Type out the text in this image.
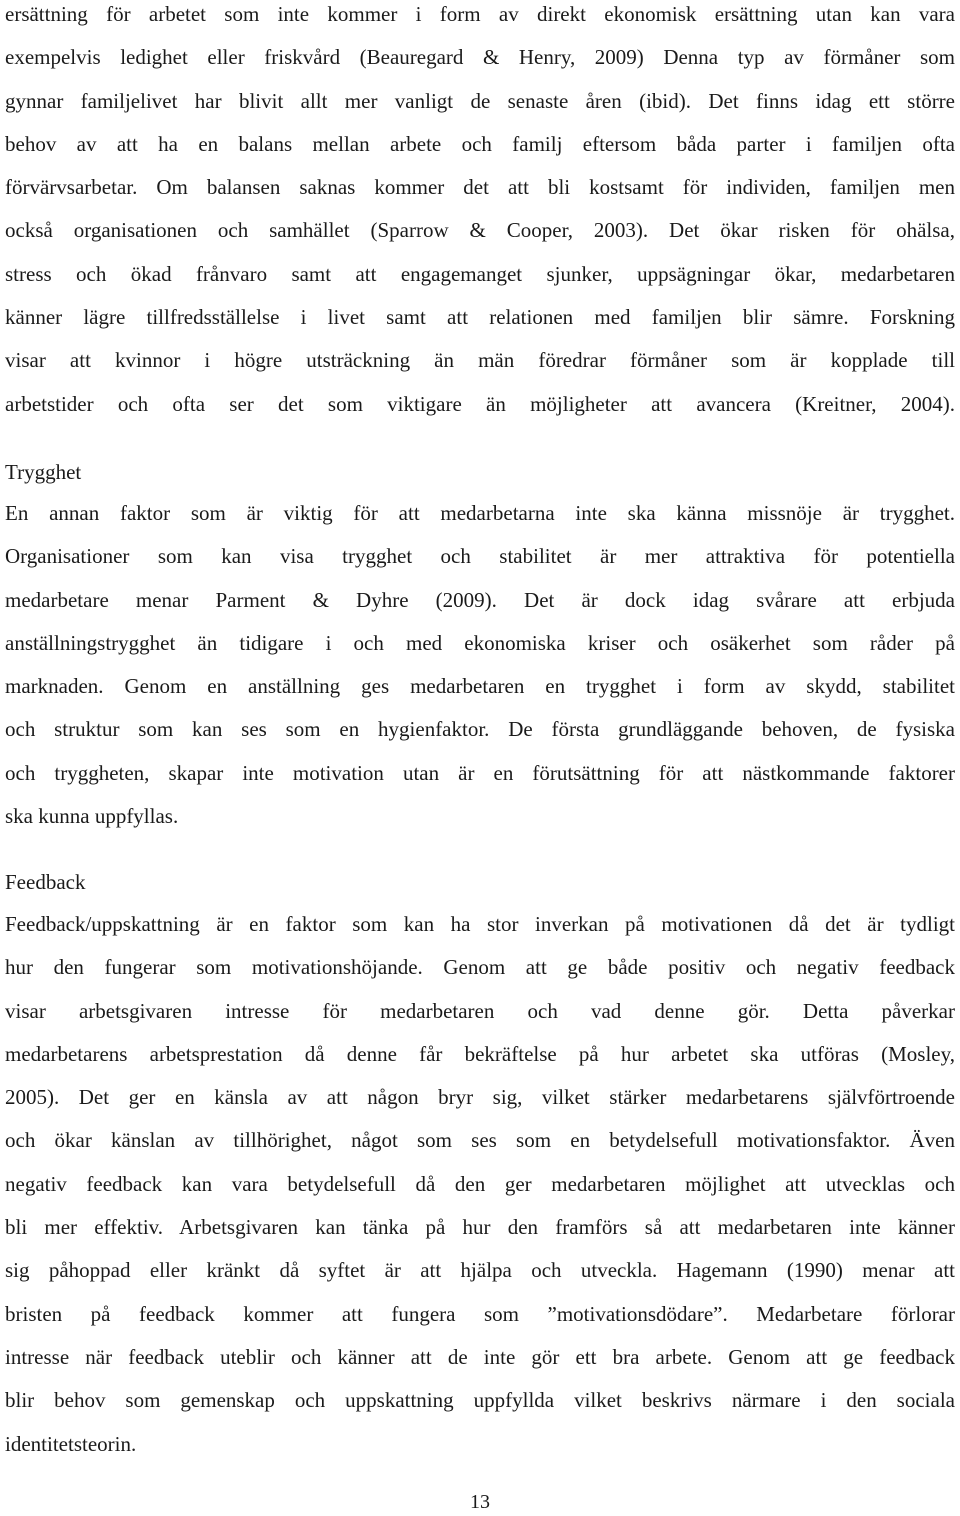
ersättning för arbetet som inte kommer i form av direkt ekonomisk ersättning utan kan vara
exempelvis ledighet eller friskvård (Beauregard & Henry, 2009) Denna typ av förmåner som
gynnar familjelivet har blivit allt mer vanligt de senaste åren (ibid). Det finns idag ett större
behov av att ha en balans mellan arbete och familj eftersom båda parter i familjen ofta
förvärvsarbetar. Om balansen saknas kommer det att bli kostsamt för individen, familjen men
också organisationen och samhället (Sparrow & Cooper, 2003). Det ökar risken för ohälsa,
stress och ökad frånvaro samt att engagemanget sjunker, uppsägningar ökar, medarbetaren
känner lägre tillfredsställelse i livet samt att relationen med familjen blir sämre. Forskning
visar att kvinnor i högre utsträckning än män föredrar förmåner som är kopplade till
arbetstider och ofta ser det som viktigare än möjligheter att avancera (Kreitner, 2004).
Trygghet
En annan faktor som är viktig för att medarbetarna inte ska känna missnöje är trygghet.
Organisationer som kan visa trygghet och stabilitet är mer attraktiva för potentiella
medarbetare menar Parment & Dyhre (2009). Det är dock idag svårare att erbjuda
anställningstrygghet än tidigare i och med ekonomiska kriser och osäkerhet som råder på
marknaden. Genom en anställning ges medarbetaren en trygghet i form av skydd, stabilitet
och struktur som kan ses som en hygienfaktor. De första grundläggande behoven, de fysiska
och tryggheten, skapar inte motivation utan är en förutsättning för att nästkommande faktorer
ska kunna uppfyllas.
Feedback
Feedback/uppskattning är en faktor som kan ha stor inverkan på motivationen då det är tydligt
hur den fungerar som motivationshöjande. Genom att ge både positiv och negativ feedback
visar arbetsgivaren intresse för medarbetaren och vad denne gör. Detta påverkar
medarbetarens arbetsprestation då denne får bekräftelse på hur arbetet ska utföras (Mosley,
2005). Det ger en känsla av att någon bryr sig, vilket stärker medarbetarens självförtroende
och ökar känslan av tillhörighet, något som ses som en betydelsefull motivationsfaktor. Även
negativ feedback kan vara betydelsefull då den ger medarbetaren möjlighet att utvecklas och
bli mer effektiv. Arbetsgivaren kan tänka på hur den framförs så att medarbetaren inte känner
sig påhoppad eller kränkt då syftet är att hjälpa och utveckla. Hagemann (1990) menar att
bristen på feedback kommer att fungera som ”motivationsdödare”. Medarbetare förlorar
intresse när feedback uteblir och känner att de inte gör ett bra arbete. Genom att ge feedback
blir behov som gemenskap och uppskattning uppfyllda vilket beskrivs närmare i den sociala
identitetsteorin.
13
